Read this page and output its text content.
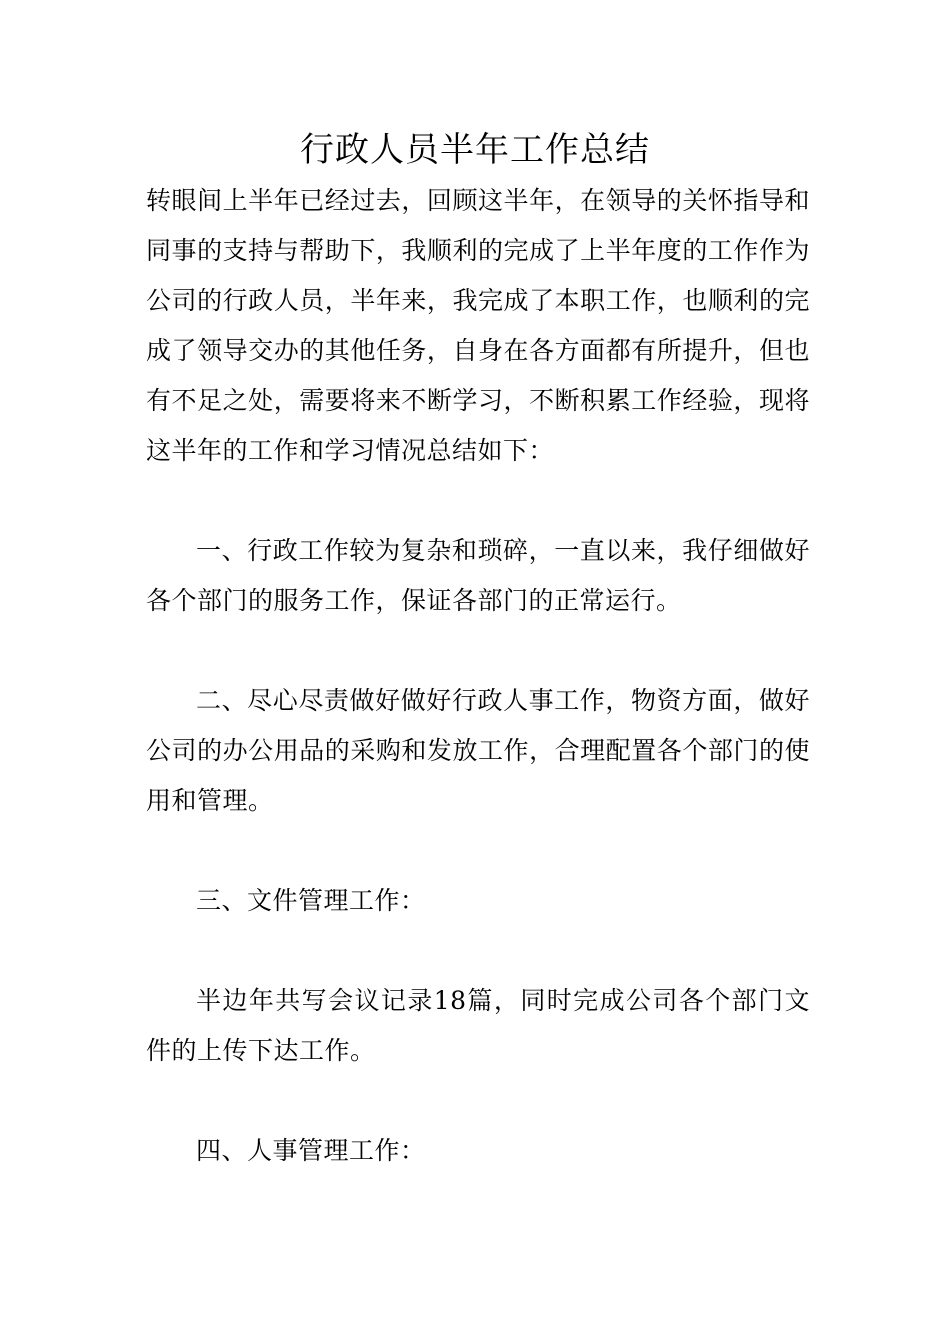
行政人员半年工作总结

转眼间上半年已经过去，回顾这半年，在领导的关怀指导和同事的支持与帮助下，我顺利的完成了上半年度的工作作为公司的行政人员，半年来，我完成了本职工作，也顺利的完成了领导交办的其他任务，自身在各方面都有所提升，但也有不足之处，需要将来不断学习，不断积累工作经验，现将这半年的工作和学习情况总结如下：

一、行政工作较为复杂和琐碎，一直以来，我仔细做好各个部门的服务工作，保证各部门的正常运行。

二、尽心尽责做好做好行政人事工作，物资方面，做好公司的办公用品的采购和发放工作，合理配置各个部门的使用和管理。

三、文件管理工作：

半边年共写会议记录18篇，同时完成公司各个部门文件的上传下达工作。

四、人事管理工作：
